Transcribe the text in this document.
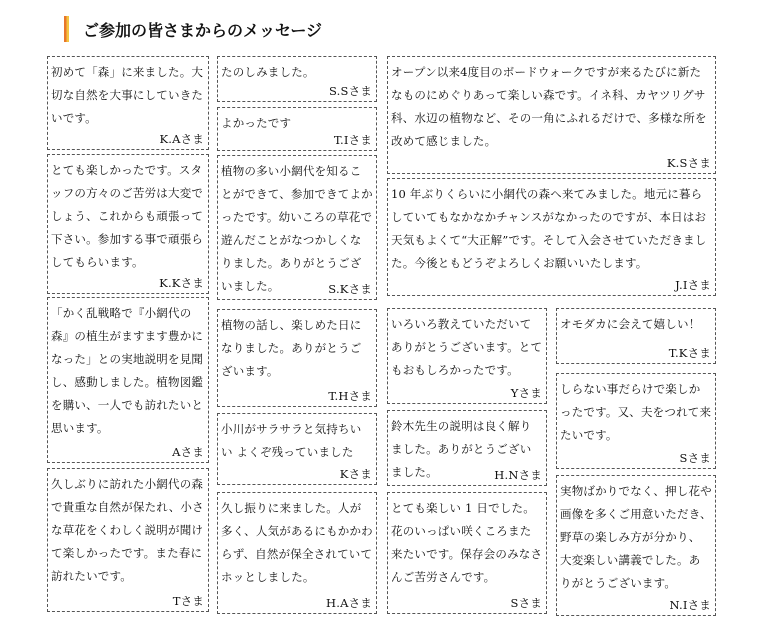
ご参加の皆さまからのメッセージ
初めて「森」に来ました。大切な自然を大事にしていきたいです。
K.Aさま
とても楽しかったです。スタッフの方々のご苦労は大変でしょう、これからも頑張って下さい。参加する事で頑張らしてもらいます。
K.Kさま
「かく乱戦略で『小網代の森』の植生がますます豊かになった」との実地説明を見聞し、感動しました。植物図鑑を購い、一人でも訪れたいと思います。
Aさま
久しぶりに訪れた小網代の森で貴重な自然が保たれ、小さな草花をくわしく説明が聞けて楽しかったです。また春に訪れたいです。
Tさま
たのしみました。
S.Sさま
よかったです
T.Iさま
植物の多い小網代を知ることができて、参加できてよかったです。幼いころの草花で遊んだことがなつかしくなりました。ありがとうございました。	S.Kさま
植物の話し、楽しめた日になりました。ありがとうございます。
T.Hさま
小川がサラサラと気持ちいい よくぞ残っていました
Kさま
久し振りに来ました。人が多く、人気があるにもかかわらず、自然が保全されていてホッとしました。
H.Aさま
オープン以来4度目のボードウォークですが来るたびに新たなものにめぐりあって楽しい森です。イネ科、カヤツリグサ科、水辺の植物など、その一角にふれるだけで、多様な所を改めて感じました。
K.Sさま
10 年ぶりくらいに小網代の森へ来てみました。地元に暮らしていてもなかなかチャンスがなかったのですが、本日はお天気もよくて“大正解”です。そして入会させていただきました。今後ともどうぞよろしくお願いいたします。
J.Iさま
いろいろ教えていただいてありがとうございます。とてもおもしろかったです。
Yさま
鈴木先生の説明は良く解りました。ありがとうございました。	H.Nさま
とても楽しい 1 日でした。花のいっぱい咲くころまた来たいです。保存会のみなさんご苦労さんです。
Sさま
オモダカに会えて嬉しい！
T.Kさま
しらない事だらけで楽しかったです。又、夫をつれて来たいです。
Sさま
実物ばかりでなく、押し花や画像を多くご用意いただき、野草の楽しみ方が分かり、大変楽しい講義でした。ありがとうございます。
N.Iさま
